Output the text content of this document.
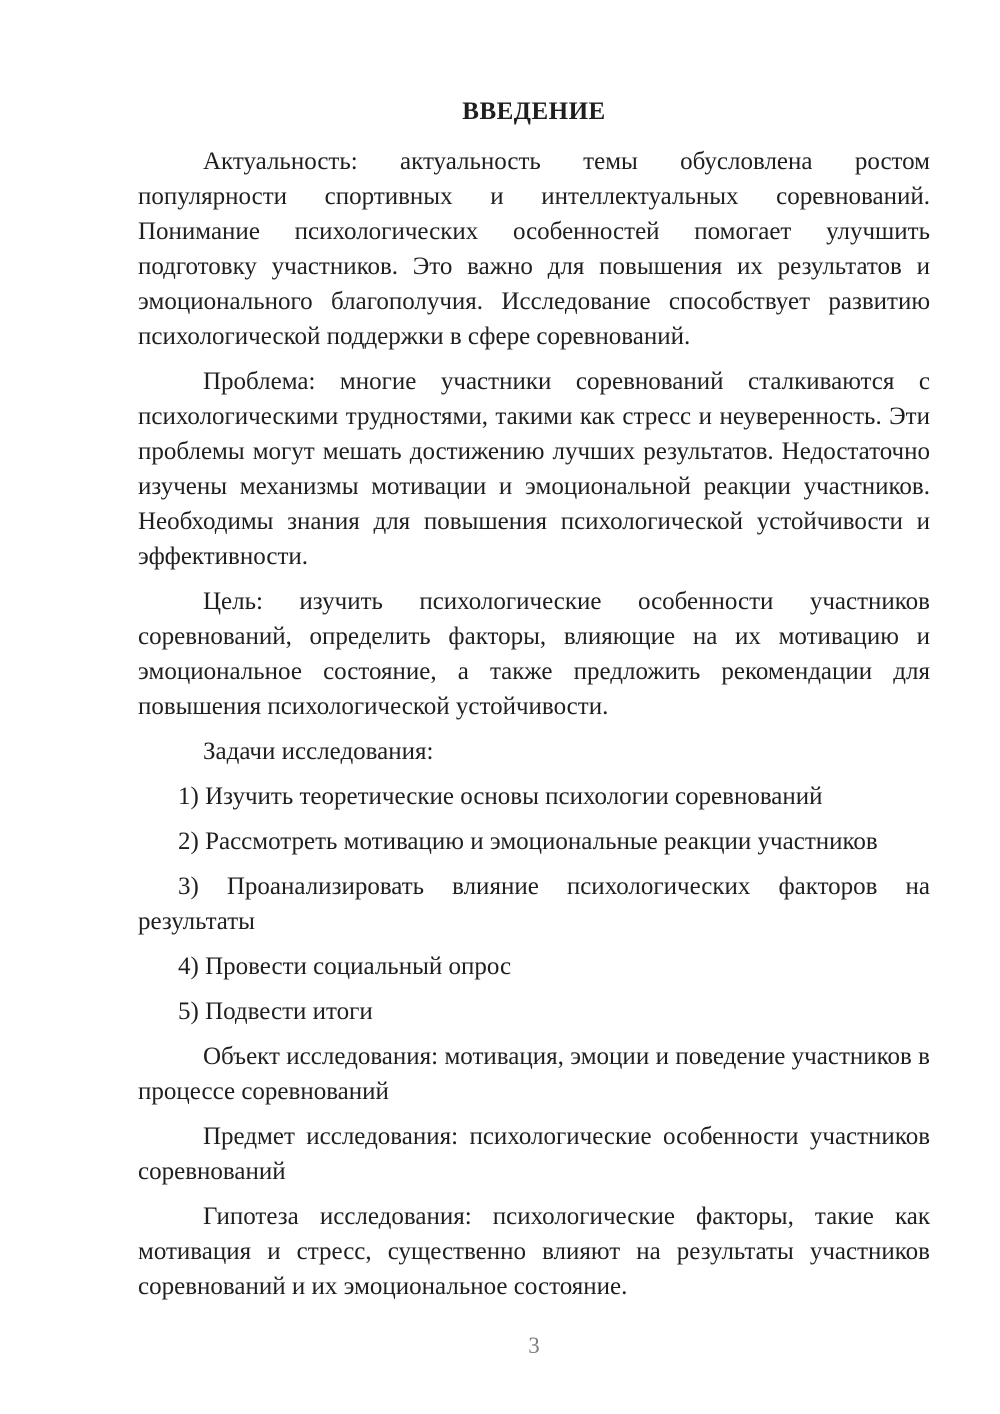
ВВЕДЕНИЕ

Актуальность: актуальность темы обусловлена ростом популярности спортивных и интеллектуальных соревнований. Понимание психологических особенностей помогает улучшить подготовку участников. Это важно для повышения их результатов и эмоционального благополучия. Исследование способствует развитию психологической поддержки в сфере соревнований.

Проблема: многие участники соревнований сталкиваются с психологическими трудностями, такими как стресс и неуверенность. Эти проблемы могут мешать достижению лучших результатов. Недостаточно изучены механизмы мотивации и эмоциональной реакции участников. Необходимы знания для повышения психологической устойчивости и эффективности.

Цель: изучить психологические особенности участников соревнований, определить факторы, влияющие на их мотивацию и эмоциональное состояние, а также предложить рекомендации для повышения психологической устойчивости.

Задачи исследования:

1) Изучить теоретические основы психологии соревнований

2) Рассмотреть мотивацию и эмоциональные реакции участников

3) Проанализировать влияние психологических факторов на результаты

4) Провести социальный опрос

5) Подвести итоги

Объект исследования: мотивация, эмоции и поведение участников в процессе соревнований

Предмет исследования: психологические особенности участников соревнований

Гипотеза исследования: психологические факторы, такие как мотивация и стресс, существенно влияют на результаты участников соревнований и их эмоциональное состояние.

3
